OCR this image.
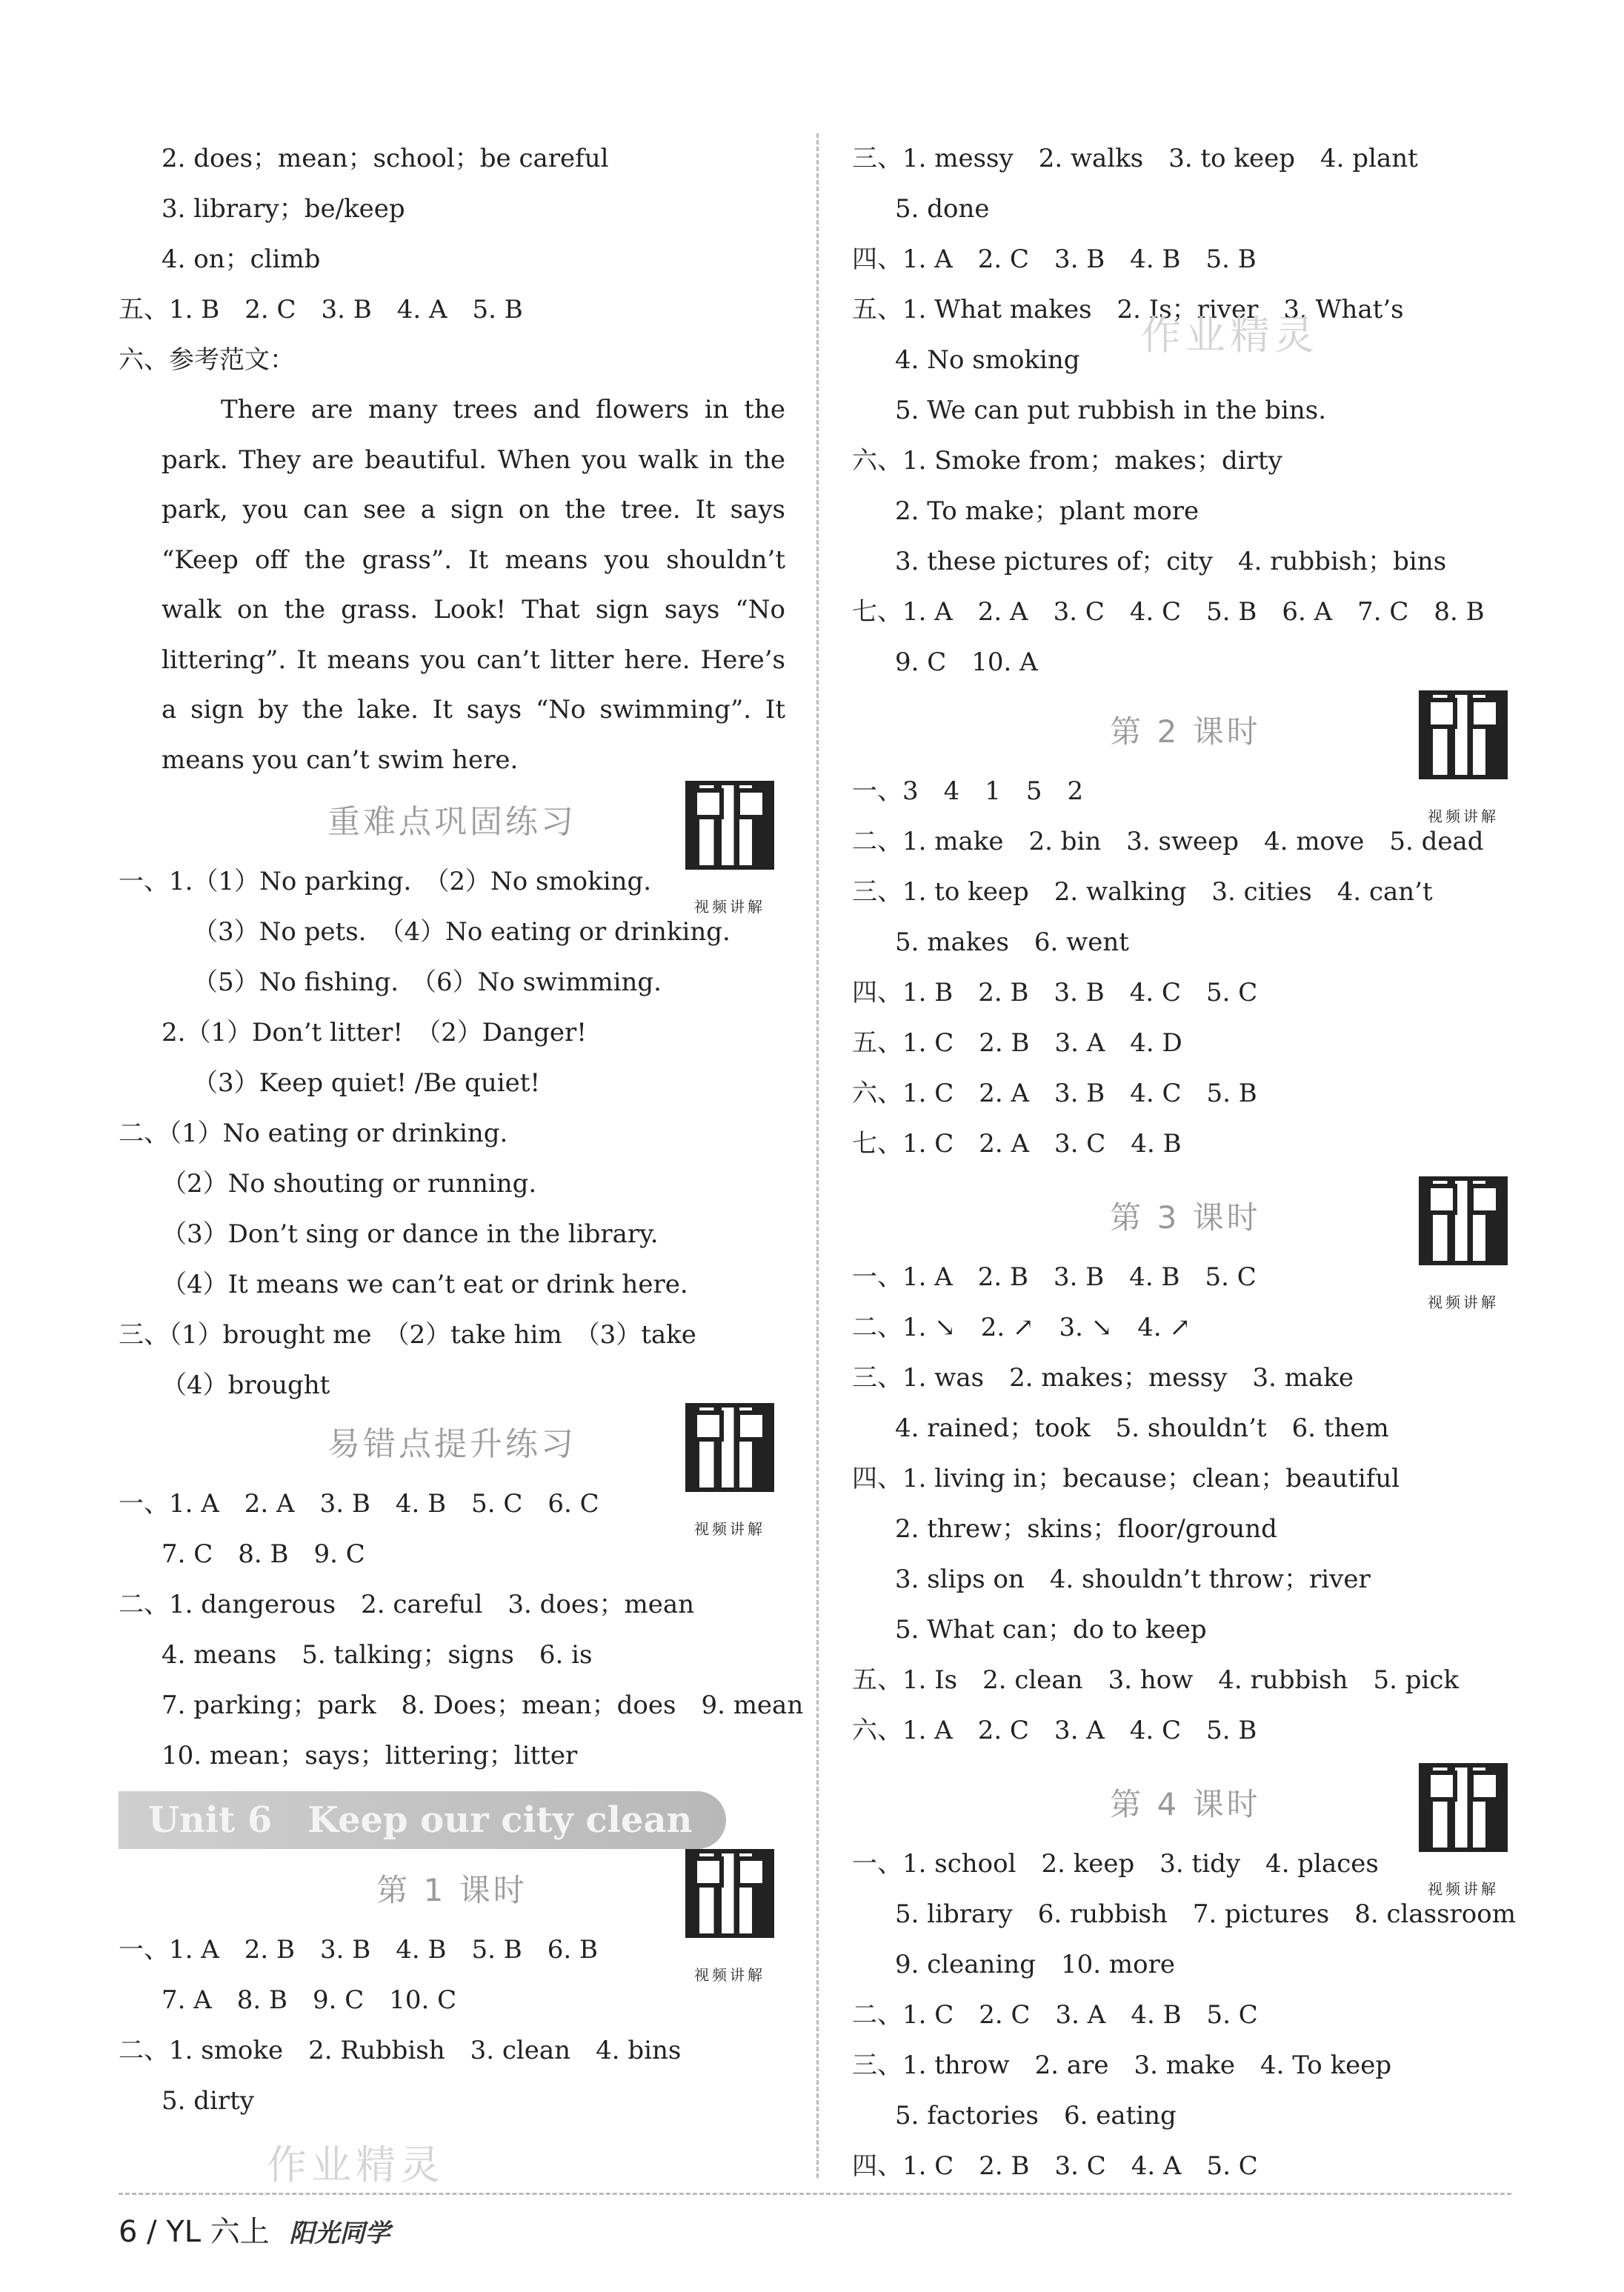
2. does；mean；school；be careful
3. library；be/keep
4. on；climb
五、1. B　2. C　3. B　4. A　5. B
六、参考范文：

There are many trees and flowers in the park. They are beautiful. When you walk in the park, you can see a sign on the tree. It says “Keep off the grass”. It means you shouldn’t walk on the grass. Look! That sign says “No littering”. It means you can’t litter here. Here’s a sign by the lake. It says “No swimming”. It means you can’t swim here.

重难点巩固练习
视频讲解
一、1.（1）No parking.　（2）No smoking.
（3）No pets.　（4）No eating or drinking.
（5）No fishing.　（6）No swimming.
2.（1）Don’t litter!　（2）Danger!
（3）Keep quiet! /Be quiet!
二、（1）No eating or drinking.
（2）No shouting or running.
（3）Don’t sing or dance in the library.
（4）It means we can’t eat or drink here.
三、（1）brought me　（2）take him　（3）take
（4）brought
易错点提升练习
视频讲解
一、1. A　2. A　3. B　4. B　5. C　6. C
7. C　8. B　9. C
二、1. dangerous　2. careful　3. does；mean
4. means　5. talking；signs　6. is
7. parking；park　8. Does；mean；does　9. mean
10. mean；says；littering；litter
Unit 6　Keep our city clean
第 1 课时
视频讲解
一、1. A　2. B　3. B　4. B　5. B　6. B
7. A　8. B　9. C　10. C
二、1. smoke　2. Rubbish　3. clean　4. bins
5. dirty
三、1. messy　2. walks　3. to keep　4. plant
5. done
四、1. A　2. C　3. B　4. B　5. B
五、1. What makes　2. Is；river　3. What’s
4. No smoking
5. We can put rubbish in the bins.
六、1. Smoke from；makes；dirty
2. To make；plant more
3. these pictures of；city　4. rubbish；bins
七、1. A　2. A　3. C　4. C　5. B　6. A　7. C　8. B
9. C　10. A
第 2 课时
视频讲解
一、3　4　1　5　2
二、1. make　2. bin　3. sweep　4. move　5. dead
三、1. to keep　2. walking　3. cities　4. can’t
5. makes　6. went
四、1. B　2. B　3. B　4. C　5. C
五、1. C　2. B　3. A　4. D
六、1. C　2. A　3. B　4. C　5. B
七、1. C　2. A　3. C　4. B
第 3 课时
视频讲解
一、1. A　2. B　3. B　4. B　5. C
二、1. ↘　2. ↗　3. ↘　4. ↗
三、1. was　2. makes；messy　3. make
4. rained；took　5. shouldn’t　6. them
四、1. living in；because；clean；beautiful
2. threw；skins；floor/ground
3. slips on　4. shouldn’t throw；river
5. What can；do to keep
五、1. Is　2. clean　3. how　4. rubbish　5. pick
六、1. A　2. C　3. A　4. C　5. B
第 4 课时
视频讲解
一、1. school　2. keep　3. tidy　4. places
5. library　6. rubbish　7. pictures　8. classroom
9. cleaning　10. more
二、1. C　2. C　3. A　4. B　5. C
三、1. throw　2. are　3. make　4. To keep
5. factories　6. eating
四、1. C　2. B　3. C　4. A　5. C
作业精灵
作业精灵
6 / YL 六上 阳光同学
